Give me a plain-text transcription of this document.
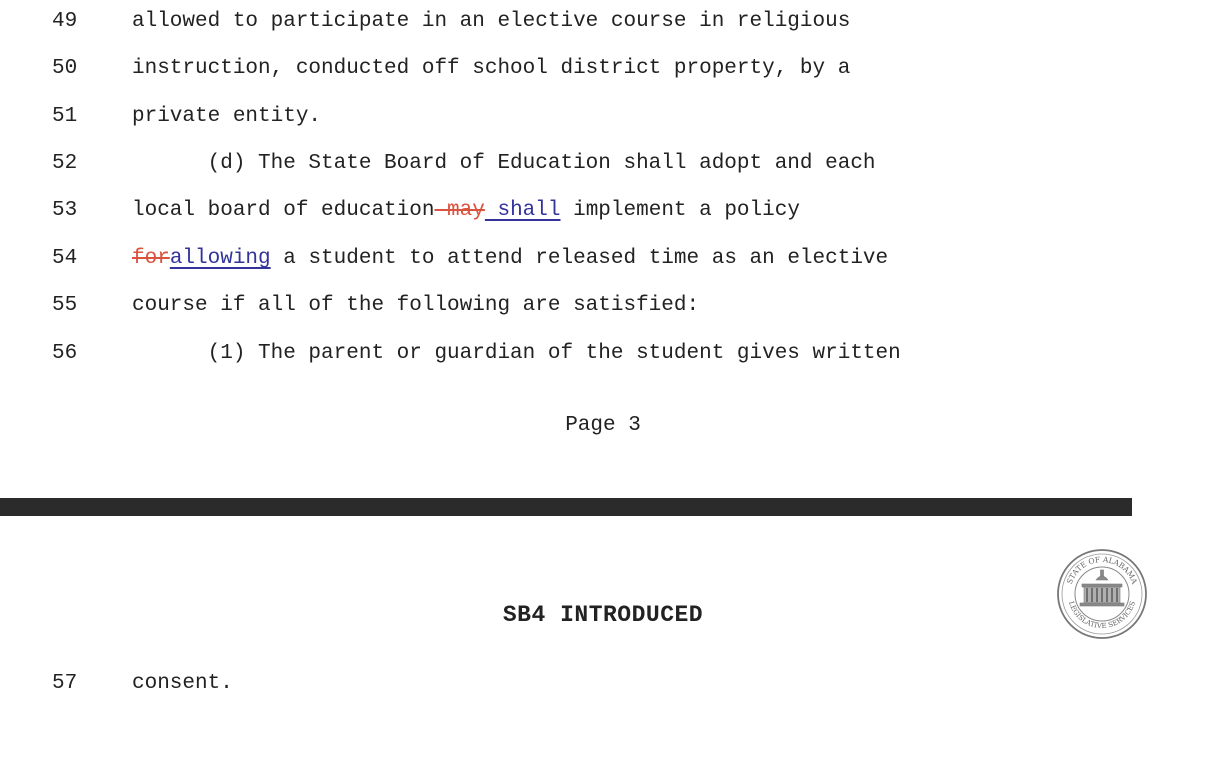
49

	allowed to participate in an elective course in religious

50

	instruction, conducted off school district property, by a

51

	private entity.

52

	(d) The State Board of Education shall adopt and each

53

	local board of education may shall implement a policy

54

	forallowing a student to attend released time as an elective

55

	course if all of the following are satisfied:

56

	(1) The parent or guardian of the student gives written

Page 3
SB4 INTRODUCED
STATE OF ALABAMA
LEGISLATIVE SERVICES

57

	consent.
